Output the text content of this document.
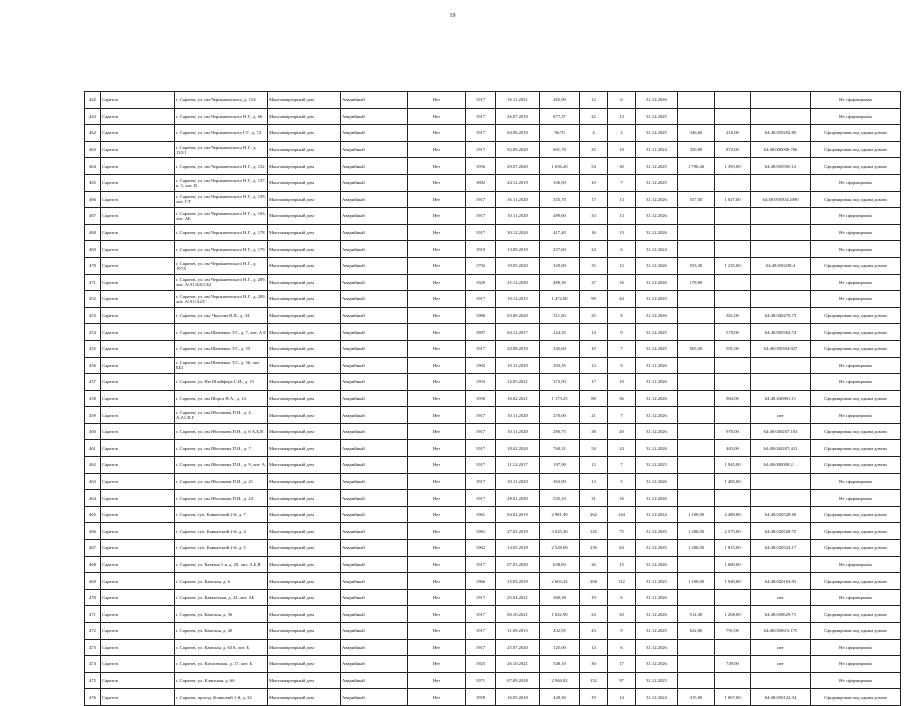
19
442	Саратов	г. Саратов, ул. им Чернышевского, д. 154	Многоквартирный дом	Аварийный	Нет	1917	16.11.2021	265,90	12	6	31.12.2026				Не сформирован
443	Саратов	г. Саратов, ул. им Чернышевского Н.Г., д. 66	Многоквартирный дом	Аварийный	Нет	1917	26.07.2019	677,37	22	13	31.12.2025				Не сформирован
462	Саратов	г. Саратов, ул. им Чернышевского Г.Г., д. 72	Многоквартирный дом	Аварийный	Нет	1917	04.06.2019	96,70	4	2	31.12.2025	346,60	216,00	64:48:050294:85	Сформирован под одним домом
463	Саратов	г. Саратов, ул. им Чернышевского Н.Г., д. 135/1	Многоквартирный дом	Аварийный	Нет	1917	02.09.2020	691,70	25	18	31.12.2024	329,00	872,00	64:48:000000:766	Сформирован под одним домом
464	Саратов	г. Саратов, ул. им Чернышевского Н.Г., д. 152	Многоквартирный дом	Аварийный	Нет	1956	29.07.2020	1 636,20	54	30	31.12.2025	1 790,40	1 395,00	64:48:050505:12	Сформирован под одним домом
465	Саратов	г. Саратов, ул. им Чернышевского Н.Г., д. 157, к. 3, лит. В	Многоквартирный дом	Аварийный	Нет	1882	24.12.2019	106,50	10	7	31.12.2025				Не сформирован
466	Саратов	г. Саратов, ул. им Чернышевского Н.Г., д. 159, лит. Г/Г	Многоквартирный дом	Аварийный	Нет	1917	16.11.2020	355,70	17	13	31.12.2026	557,50	1 027,00	64:48:050504:2090	Сформирован под одним домом
467	Саратов	г. Саратов, ул. им Чернышевского Н.Г., д. 163, лит. АБ	Многоквартирный дом	Аварийный	Нет	1917	10.11.2020	489,60	33	13	31.12.2026				Не сформирован
468	Саратов	г. Саратов, ул. им Чернышевского Н.Г., д. 178	Многоквартирный дом	Аварийный	Нет	1917	30.12.2020	417,40	16	13	31.12.2026				Не сформирован
469	Саратов	г. Саратов, ул. им Чернышевского Н.Г., д. 179	Многоквартирный дом	Аварийный	Нет	1919	13.09.2019	257,60	24	6	31.12.2024				Не сформирован
470	Саратов	г. Саратов, ул. им Чернышевского Н.Г., д. 197А	Многоквартирный дом	Аварийный	Нет	1792	19.05.2020	329,00	35	12	31.12.2026	553,30	1 235,00	64:48:050238:4	Сформирован под одним домом
471	Саратов	г. Саратов, ул. им Чернышевского Н.Г., д. 209, лит. А/А1/Б/Б1/Б2	Многоквартирный дом	Аварийный	Нет	1920	25.12.2020	489,30	27	16	31.12.2026	178,90			Не сформирован
452	Саратов	г. Саратов, ул. им Чернышевского Н.Г., д. 209, лит. А/А1/А2/Г	Многоквартирный дом	Аварийный	Нет	1917	10.12.2015	1 472,00	99	44	31.12.2025				Не сформирован
453	Саратов	г. Саратов, ул. им. Чкалова В.П., д. 34	Многоквартирный дом	Аварийный	Нет	1986	03.09.2020	511,50	25	8	31.12.2026		361,00	64:48:040470:73	Сформирован под одним домом
454	Саратов	г. Саратов, ул. им Шевченко Т.Г., д. 7, лит. А Б	Многоквартирный дом	Аварийный	Нет	1897	04.12.2017	224,35	14	9	31.12.2025		579,00	64:48:050304:74	Сформирован под одним домом
455	Саратов	г. Саратов, ул. им Шевченко Т.Г., д. 55	Многоквартирный дом	Аварийный	Нет	1917	20.08.2019	345,60	10	7	31.12.2025	565,50	591,00	64:48:050304:927	Сформирован под одним домом
456	Саратов	г. Саратов, ул. им Шевченко Т.Г., д. 56, лит. ББ1	Многоквартирный дом	Аварийный	Нет	1902	10.11.2020	293,35	12	9	31.12.2026				Не сформирован
457	Саратов	г. Саратов, ул. Им Шлейфера С.И., д. 15	Многоквартирный дом	Аварийный	Нет	1953	12.05.2021	373,50	17	10	31.12.2026				Не сформирован
458	Саратов	г. Саратов, ул. им Шорса Н.А., д. 14	Многоквартирный дом	Аварийный	Нет	1950	16.02.2021	1 173,25	88	36	31.12.2026		984,00	64:48:040801:11	Сформирован под одним домом
459	Саратов	г. Саратов, ул. им Яблочкова П.Н., д. 4 А,А1,В,Г	Многоквартирный дом	Аварийный	Нет	1917	10.11.2020	270,00	21	7	31.12.2026			нет	Не сформирован
460	Саратов	г. Саратов, ул. им Яблочкова П.Н., д. 6 А,Б,В	Многоквартирный дом	Аварийный	Нет	1917	10.11.2020	280,75	38	20	31.12.2026		970,00	64:48:040207:103	Сформирован под одним домом
461	Саратов	г. Саратов, ул. им Яблочкова П.Н., д. 7	Многоквартирный дом	Аварийный	Нет	1917	18.02.2020	760,31	54	24	31.12.2026		465,00	64:48:040207:413	Сформирован под одним домом
462	Саратов	г. Саратов, ул. им Яблочкова П.Н., д. 9, лит. А	Многоквартирный дом	Аварийный	Нет	1917	11.12.2017	197,90	12	7	31.12.2025		1 945,00	64:48:000000:2…	Сформирован под одним домом
463	Саратов	г. Саратов, ул. им Яблочкова П.Н., д. 21	Многоквартирный дом	Аварийный	Нет	1917	10.11.2020	363,90	13	5	31.12.2026		1 485,00		Не сформирован
464	Саратов	г. Саратов, ул. им Яблочкова П.Н., д. 24	Многоквартирный дом	Аварийный	Нет	1917	28.01.2020	535,33	31	16	31.12.2026				Не сформирован
465	Саратов	г. Саратов, туп. Кавказский 2-й, д. 7	Многоквартирный дом	Аварийный	Нет	1961	04.02.2019	2 981,49	262	144	31.12.2024	1 100,00	2 480,00	64:48:020528:69	Сформирован под одним домом
466	Саратов	г. Саратов, туп. Кавказский 2-й, д. 4	Многоквартирный дом	Аварийный	Нет	1961	27.03.2019	3 025,30	145	75	31.12.2025	1 200,00	2 575,00	64:48:020528:75	Сформирован под одним домом
467	Саратов	г. Саратов, туп. Кавказский 2-й, д. 5	Многоквартирный дом	Аварийный	Нет	1962	14.05.2018	2 528,69	230	64	31.12.2025	1 200,00	1 815,00	64:48:020524:17	Сформирован под одним домом
468	Саратов	г. Саратов, ул. Казачья 1-я, д. 29, лит. А,Б,В	Многоквартирный дом	Аварийный	Нет	1917	07.03.2020	638,83	26	15	31.12.2026		1 680,00		Не сформирован
469	Саратов	г. Саратов, ул. Камская, д. 6	Многоквартирный дом	Аварийный	Нет	1966	15.03.2019	2 603,43	206	112	31.12.2025	1 100,00	1 940,00	64:48:020104:93	Сформирован под одним домом
470	Саратов	г. Саратов, ул. Кавказская, д. 24, лит. АБ	Многоквартирный дом	Аварийный	Нет	1917	25.04.2021	360,38	19	6	31.12.2026			нет	Не сформирован
471	Саратов	г. Саратов, ул. Камская, д. 36	Многоквартирный дом	Аварийный	Нет	1917	06.10.2021	1 022,90	24	20	31.12.2026	514,30	1 208,00	64:48:030629:71	Сформирован под одним домом
472	Саратов	г. Саратов, ул. Камская, д. 40	Многоквартирный дом	Аварийный	Нет	1917	11.09.2015	432,95	43	9	31.12.2025	622,80	791,00	64:48:050615:175	Сформирован под одним домом
473	Саратов	г. Саратов, ул. Камская, д. 63А, лит. Б	Многоквартирный дом	Аварийный	Нет	1917	25.07.2020	125,00	14	6	31.12.2026			нет	Не сформирован
474	Саратов	г. Саратов, ул. Кисловская, д. 17, лит. Б	Многоквартирный дом	Аварийный	Нет	1925	26.10.2021	548,10	30	17	31.12.2026		749,00	нет	Не сформирован
475	Саратов	г. Саратов, ул. Клинская, д. 66	Многоквартирный дом	Аварийный	Нет	1971	07.09.2018	2 946,82	152	97	31.12.2025				Не сформирован
476	Саратов	г. Саратов, проезд. Клинский 1-й, д. 32	Многоквартирный дом	Аварийный	Нет	1958	16.05.2018	428,30	19	14	31.12.2024	315,90	1 067,00	64:48:050122:34	Сформирован под одним домом
